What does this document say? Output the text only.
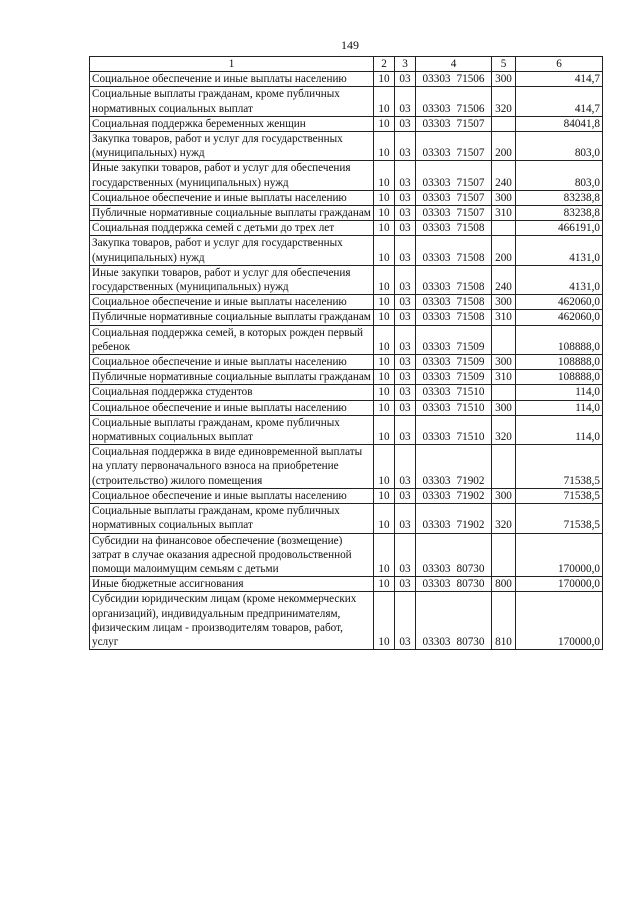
149
1	2	3	4	5	6
Социальное обеспечение и иные выплаты населению	10	03	03303 71506	300	414,7
Социальные выплаты гражданам, кроме публичных нормативных социальных выплат	10	03	03303 71506	320	414,7
Социальная поддержка беременных женщин	10	03	03303 71507		84041,8
Закупка товаров, работ и услуг для государственных (муниципальных) нужд	10	03	03303 71507	200	803,0
Иные закупки товаров, работ и услуг для обеспечения государственных (муниципальных) нужд	10	03	03303 71507	240	803,0
Социальное обеспечение и иные выплаты населению	10	03	03303 71507	300	83238,8
Публичные нормативные социальные выплаты гражданам	10	03	03303 71507	310	83238,8
Социальная поддержка семей с детьми до трех лет	10	03	03303 71508		466191,0
Закупка товаров, работ и услуг для государственных (муниципальных) нужд	10	03	03303 71508	200	4131,0
Иные закупки товаров, работ и услуг для обеспечения государственных (муниципальных) нужд	10	03	03303 71508	240	4131,0
Социальное обеспечение и иные выплаты населению	10	03	03303 71508	300	462060,0
Публичные нормативные социальные выплаты гражданам	10	03	03303 71508	310	462060,0
Социальная поддержка семей, в которых рожден первый ребенок	10	03	03303 71509		108888,0
Социальное обеспечение и иные выплаты населению	10	03	03303 71509	300	108888,0
Публичные нормативные социальные выплаты гражданам	10	03	03303 71509	310	108888,0
Социальная поддержка студентов	10	03	03303 71510		114,0
Социальное обеспечение и иные выплаты населению	10	03	03303 71510	300	114,0
Социальные выплаты гражданам, кроме публичных нормативных социальных выплат	10	03	03303 71510	320	114,0
Социальная поддержка в виде единовременной выплаты на уплату первоначального взноса на приобретение (строительство) жилого помещения	10	03	03303 71902		71538,5
Социальное обеспечение и иные выплаты населению	10	03	03303 71902	300	71538,5
Социальные выплаты гражданам, кроме публичных нормативных социальных выплат	10	03	03303 71902	320	71538,5
Субсидии на финансовое обеспечение (возмещение) затрат в случае оказания адресной продовольственной помощи малоимущим семьям с детьми	10	03	03303 80730		170000,0
Иные бюджетные ассигнования	10	03	03303 80730	800	170000,0
Субсидии юридическим лицам (кроме некоммерческих организаций), индивидуальным предпринимателям, физическим лицам - производителям товаров, работ, услуг	10	03	03303 80730	810	170000,0
